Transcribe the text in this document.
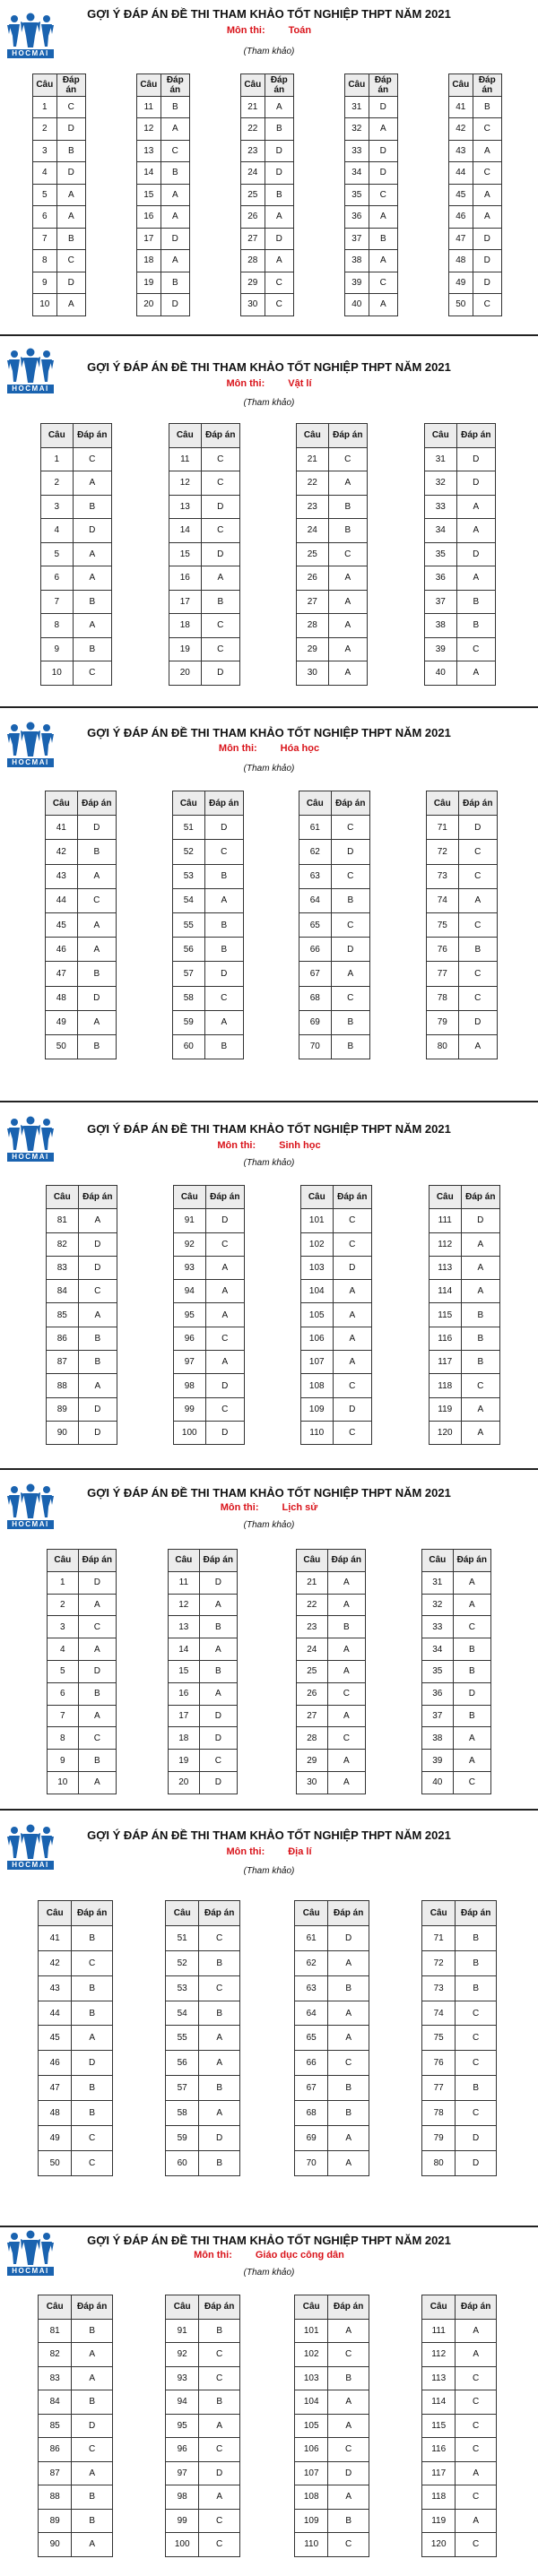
HOCMAI
GỢI Ý ĐÁP ÁN ĐỀ THI THAM KHẢO TỐT NGHIỆP THPT NĂM 2021
Môn thi: Toán
(Tham khảo)
Câu	Đáp án
1	C
2	D
3	B
4	D
5	A
6	A
7	B
8	C
9	D
10	A
Câu	Đáp án
11	B
12	A
13	C
14	B
15	A
16	A
17	D
18	A
19	B
20	D
Câu	Đáp án
21	A
22	B
23	D
24	D
25	B
26	A
27	D
28	A
29	C
30	C
Câu	Đáp án
31	D
32	A
33	D
34	D
35	C
36	A
37	B
38	A
39	C
40	A
Câu	Đáp án
41	B
42	C
43	A
44	C
45	A
46	A
47	D
48	D
49	D
50	C
HOCMAI
GỢI Ý ĐÁP ÁN ĐỀ THI THAM KHẢO TỐT NGHIỆP THPT NĂM 2021
Môn thi: Vật lí
(Tham khảo)
Câu	Đáp án
1	C
2	A
3	B
4	D
5	A
6	A
7	B
8	A
9	B
10	C
Câu	Đáp án
11	C
12	C
13	D
14	C
15	D
16	A
17	B
18	C
19	C
20	D
Câu	Đáp án
21	C
22	A
23	B
24	B
25	C
26	A
27	A
28	A
29	A
30	A
Câu	Đáp án
31	D
32	D
33	A
34	A
35	D
36	A
37	B
38	B
39	C
40	A
HOCMAI
GỢI Ý ĐÁP ÁN ĐỀ THI THAM KHẢO TỐT NGHIỆP THPT NĂM 2021
Môn thi: Hóa học
(Tham khảo)
Câu	Đáp án
41	D
42	B
43	A
44	C
45	A
46	A
47	B
48	D
49	A
50	B
Câu	Đáp án
51	D
52	C
53	B
54	A
55	B
56	B
57	D
58	C
59	A
60	B
Câu	Đáp án
61	C
62	D
63	C
64	B
65	C
66	D
67	A
68	C
69	B
70	B
Câu	Đáp án
71	D
72	C
73	C
74	A
75	C
76	B
77	C
78	C
79	D
80	A
HOCMAI
GỢI Ý ĐÁP ÁN ĐỀ THI THAM KHẢO TỐT NGHIỆP THPT NĂM 2021
Môn thi: Sinh học
(Tham khảo)
Câu	Đáp án
81	A
82	D
83	D
84	C
85	A
86	B
87	B
88	A
89	D
90	D
Câu	Đáp án
91	D
92	C
93	A
94	A
95	A
96	C
97	A
98	D
99	C
100	D
Câu	Đáp án
101	C
102	C
103	D
104	A
105	A
106	A
107	A
108	C
109	D
110	C
Câu	Đáp án
111	D
112	A
113	A
114	A
115	B
116	B
117	B
118	C
119	A
120	A
HOCMAI
GỢI Ý ĐÁP ÁN ĐỀ THI THAM KHẢO TỐT NGHIỆP THPT NĂM 2021
Môn thi: Lịch sử
(Tham khảo)
Câu	Đáp án
1	D
2	A
3	C
4	A
5	D
6	B
7	A
8	C
9	B
10	A
Câu	Đáp án
11	D
12	A
13	B
14	A
15	B
16	A
17	D
18	D
19	C
20	D
Câu	Đáp án
21	A
22	A
23	B
24	A
25	A
26	C
27	A
28	C
29	A
30	A
Câu	Đáp án
31	A
32	A
33	C
34	B
35	B
36	D
37	B
38	A
39	A
40	C
HOCMAI
GỢI Ý ĐÁP ÁN ĐỀ THI THAM KHẢO TỐT NGHIỆP THPT NĂM 2021
Môn thi: Địa lí
(Tham khảo)
Câu	Đáp án
41	B
42	C
43	B
44	B
45	A
46	D
47	B
48	B
49	C
50	C
Câu	Đáp án
51	C
52	B
53	C
54	B
55	A
56	A
57	B
58	A
59	D
60	B
Câu	Đáp án
61	D
62	A
63	B
64	A
65	A
66	C
67	B
68	B
69	A
70	A
Câu	Đáp án
71	B
72	B
73	B
74	C
75	C
76	C
77	B
78	C
79	D
80	D
HOCMAI
GỢI Ý ĐÁP ÁN ĐỀ THI THAM KHẢO TỐT NGHIỆP THPT NĂM 2021
Môn thi: Giáo dục công dân
(Tham khảo)
Câu	Đáp án
81	B
82	A
83	A
84	B
85	D
86	C
87	A
88	B
89	B
90	A
Câu	Đáp án
91	B
92	C
93	C
94	B
95	A
96	C
97	D
98	A
99	C
100	C
Câu	Đáp án
101	A
102	C
103	B
104	A
105	A
106	C
107	D
108	A
109	B
110	C
Câu	Đáp án
111	A
112	A
113	C
114	C
115	C
116	C
117	A
118	C
119	A
120	C
